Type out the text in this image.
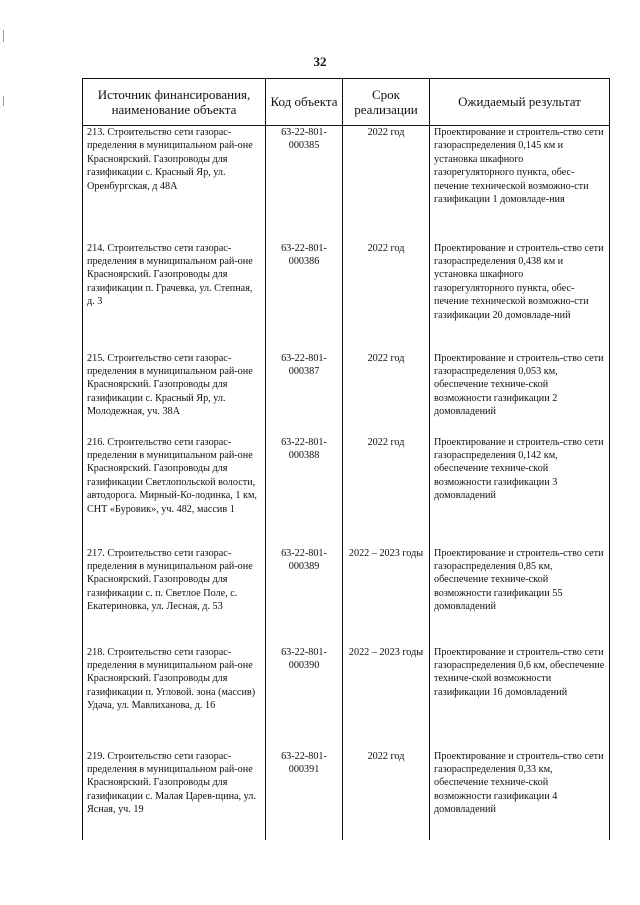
32
Источник финансирования, наименование объекта	Код объекта	Срок реализации	Ожидаемый результат
213. Строительство сети газорас-пределения в муниципальном рай-оне Красноярский. Газопроводы для газификации с. Красный Яр, ул. Оренбургская, д 48А	63-22-801-000385	2022 год	Проектирование и строитель-ство сети газораспределения 0,145 км и установка шкафного газорегуляторного пункта, обес-печение технической возможно-сти газификации 1 домовладе-ния
214. Строительство сети газорас-пределения в муниципальном рай-оне Красноярский. Газопроводы для газификации п. Грачевка, ул. Степная, д. 3	63-22-801-000386	2022 год	Проектирование и строитель-ство сети газораспределения 0,438 км и установка шкафного газорегуляторного пункта, обес-печение технической возможно-сти газификации 20 домовладе-ний
215. Строительство сети газорас-пределения в муниципальном рай-оне Красноярский. Газопроводы для газификации с. Красный Яр, ул. Молодежная, уч. 38А	63-22-801-000387	2022 год	Проектирование и строитель-ство сети газораспределения 0,053 км, обеспечение техниче-ской возможности газификации 2 домовладений
216. Строительство сети газорас-пределения в муниципальном рай-оне Красноярский. Газопроводы для газификации Светлопольской волости, автодорога. Мирный-Ко-лодинка, 1 км, СНТ «Буровик», уч. 482, массив 1	63-22-801-000388	2022 год	Проектирование и строитель-ство сети газораспределения 0,142 км, обеспечение техниче-ской возможности газификации 3 домовладений
217. Строительство сети газорас-пределения в муниципальном рай-оне Красноярский. Газопроводы для газификации с. п. Светлое Поле, с. Екатериновка, ул. Лесная, д. 53	63-22-801-000389	2022 – 2023 годы	Проектирование и строитель-ство сети газораспределения 0,85 км, обеспечение техниче-ской возможности газификации 55 домовладений
218. Строительство сети газорас-пределения в муниципальном рай-оне Красноярский. Газопроводы для газификации п. Угловой. зона (массив) Удача, ул. Мавлиханова, д. 16	63-22-801-000390	2022 – 2023 годы	Проектирование и строитель-ство сети газораспределения 0,6 км, обеспечение техниче-ской возможности газификации 16 домовладений
219. Строительство сети газорас-пределения в муниципальном рай-оне Красноярский. Газопроводы для газификации с. Малая Царев-щина, ул. Ясная, уч. 19	63-22-801-000391	2022 год	Проектирование и строитель-ство сети газораспределения 0,33 км, обеспечение техниче-ской возможности газификации 4 домовладений
